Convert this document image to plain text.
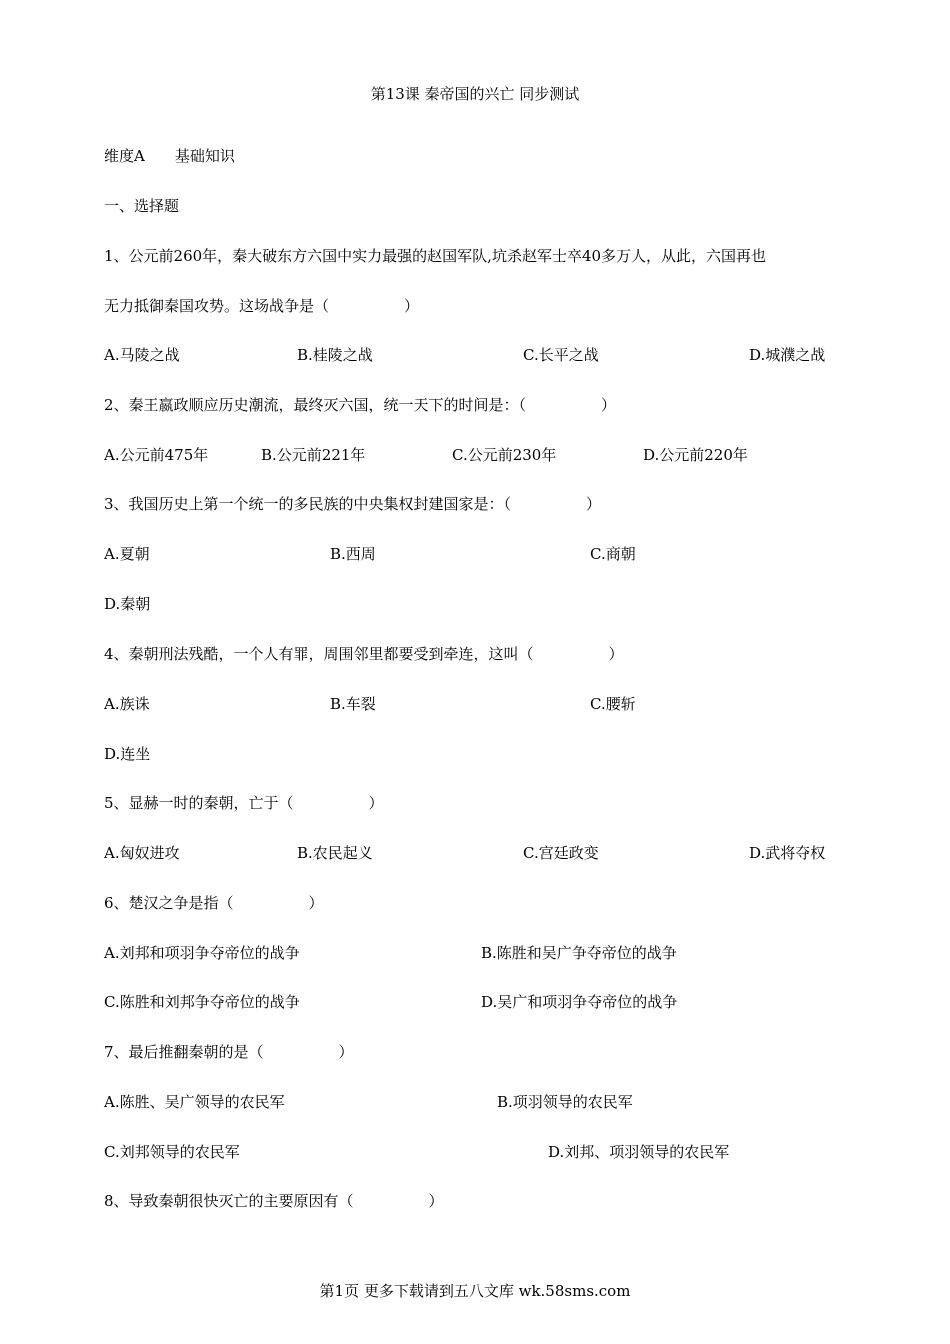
第13课 秦帝国的兴亡 同步测试
维度A　　基础知识
一、选择题
1、公元前260年，秦大破东方六国中实力最强的赵国军队,坑杀赵军士卒40多万人，从此，六国再也
无力抵御秦国攻势。这场战争是（　　　　　）
A.马陵之战	B.桂陵之战	C.长平之战	D.城濮之战
2、秦王嬴政顺应历史潮流，最终灭六国，统一天下的时间是：（　　　　　）
A.公元前475年	B.公元前221年	C.公元前230年	D.公元前220年
3、我国历史上第一个统一的多民族的中央集权封建国家是：（　　　　　）
A.夏朝	B.西周	C.商朝
D.秦朝
4、秦朝刑法残酷，一个人有罪，周围邻里都要受到牵连，这叫（　　　　　）
A.族诛	B.车裂	C.腰斩
D.连坐
5、显赫一时的秦朝，亡于（　　　　　）
A.匈奴进攻	B.农民起义	C.宫廷政变	D.武将夺权
6、楚汉之争是指（　　　　　）
A.刘邦和项羽争夺帝位的战争	B.陈胜和吴广争夺帝位的战争
C.陈胜和刘邦争夺帝位的战争	D.吴广和项羽争夺帝位的战争
7、最后推翻秦朝的是（　　　　　）
A.陈胜、吴广领导的农民军	B.项羽领导的农民军
C.刘邦领导的农民军	D.刘邦、项羽领导的农民军
8、导致秦朝很快灭亡的主要原因有（　　　　　）
第1页 更多下载请到五八文库 wk.58sms.com
